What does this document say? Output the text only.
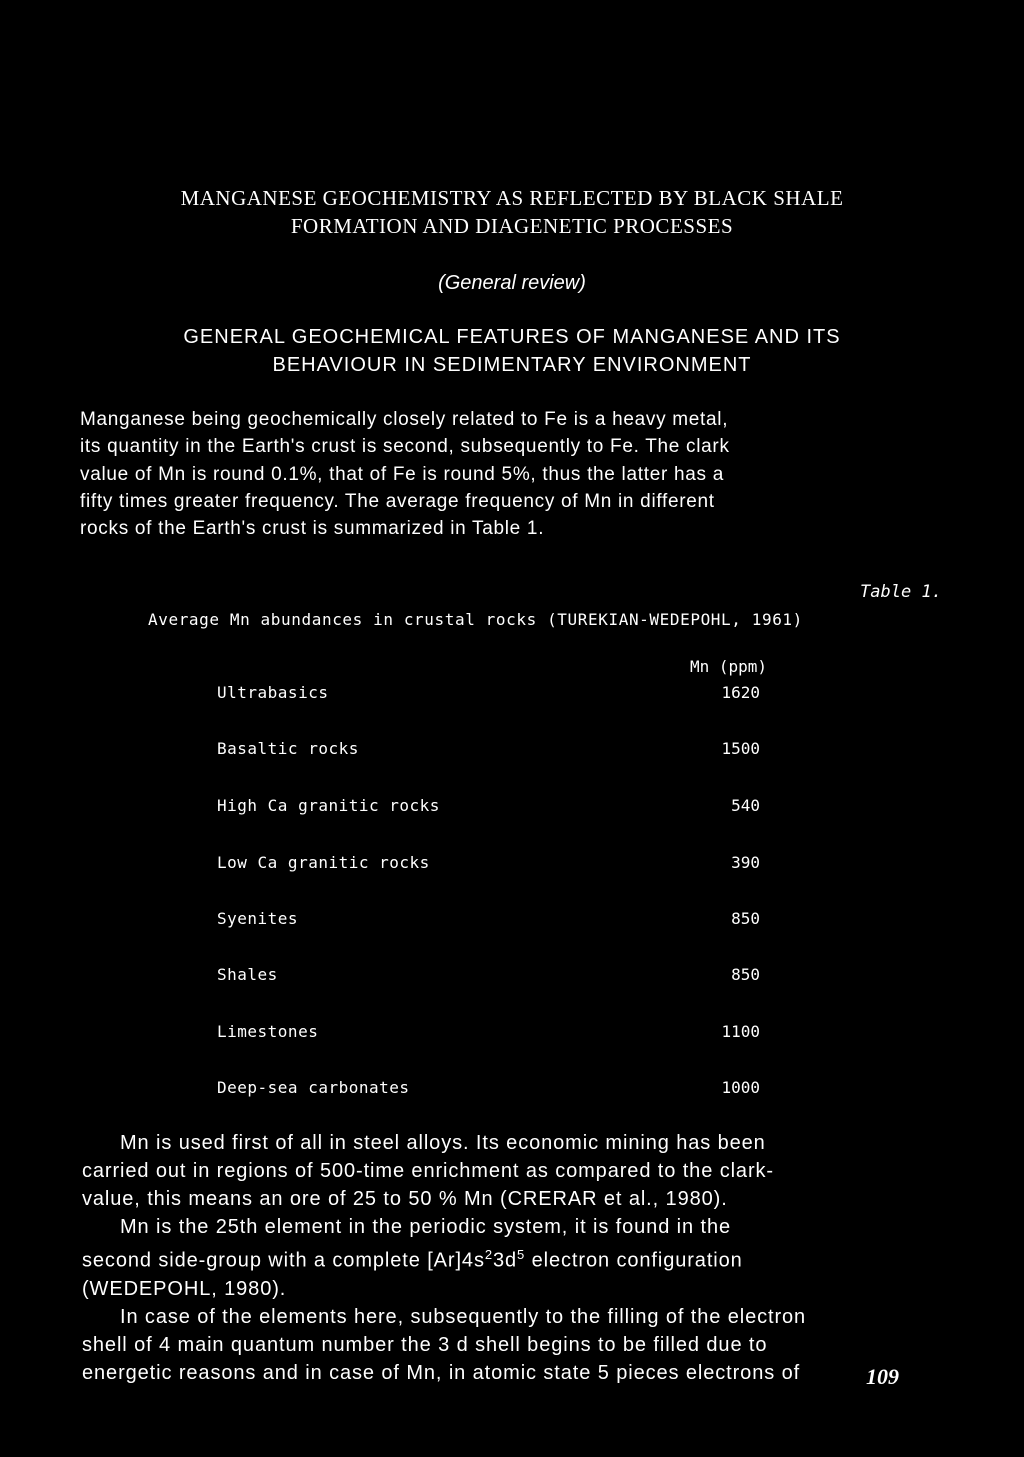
MANGANESE GEOCHEMISTRY AS REFLECTED BY BLACK SHALE
FORMATION AND DIAGENETIC PROCESSES
(General review)
GENERAL GEOCHEMICAL FEATURES OF MANGANESE AND ITS
BEHAVIOUR IN SEDIMENTARY ENVIRONMENT
Manganese being geochemically closely related to Fe is a heavy metal,
its quantity in the Earth's crust is second, subsequently to Fe. The clark
value of Mn is round 0.1%, that of Fe is round 5%, thus the latter has a
fifty times greater frequency. The average frequency of Mn in different
rocks of the Earth's crust is summarized in Table 1.
Table 1.
Average Mn abundances in crustal rocks (TUREKIAN-WEDEPOHL, 1961)
Mn (ppm)
Ultrabasics	1620
Basaltic rocks	1500
High Ca granitic rocks	540
Low Ca granitic rocks	390
Syenites	850
Shales	850
Limestones	1100
Deep-sea carbonates	1000
Mn is used first of all in steel alloys. Its economic mining has been
carried out in regions of 500-time enrichment as compared to the clark-
value, this means an ore of 25 to 50 % Mn (CRERAR et al., 1980).
Mn is the 25th element in the periodic system, it is found in the
second side-group with a complete $[Ar]4s^23d^5$ electron configuration
(WEDEPOHL, 1980).
In case of the elements here, subsequently to the filling of the electron
shell of 4 main quantum number the 3 d shell begins to be filled due to
energetic reasons and in case of Mn, in atomic state 5 pieces electrons of	109
